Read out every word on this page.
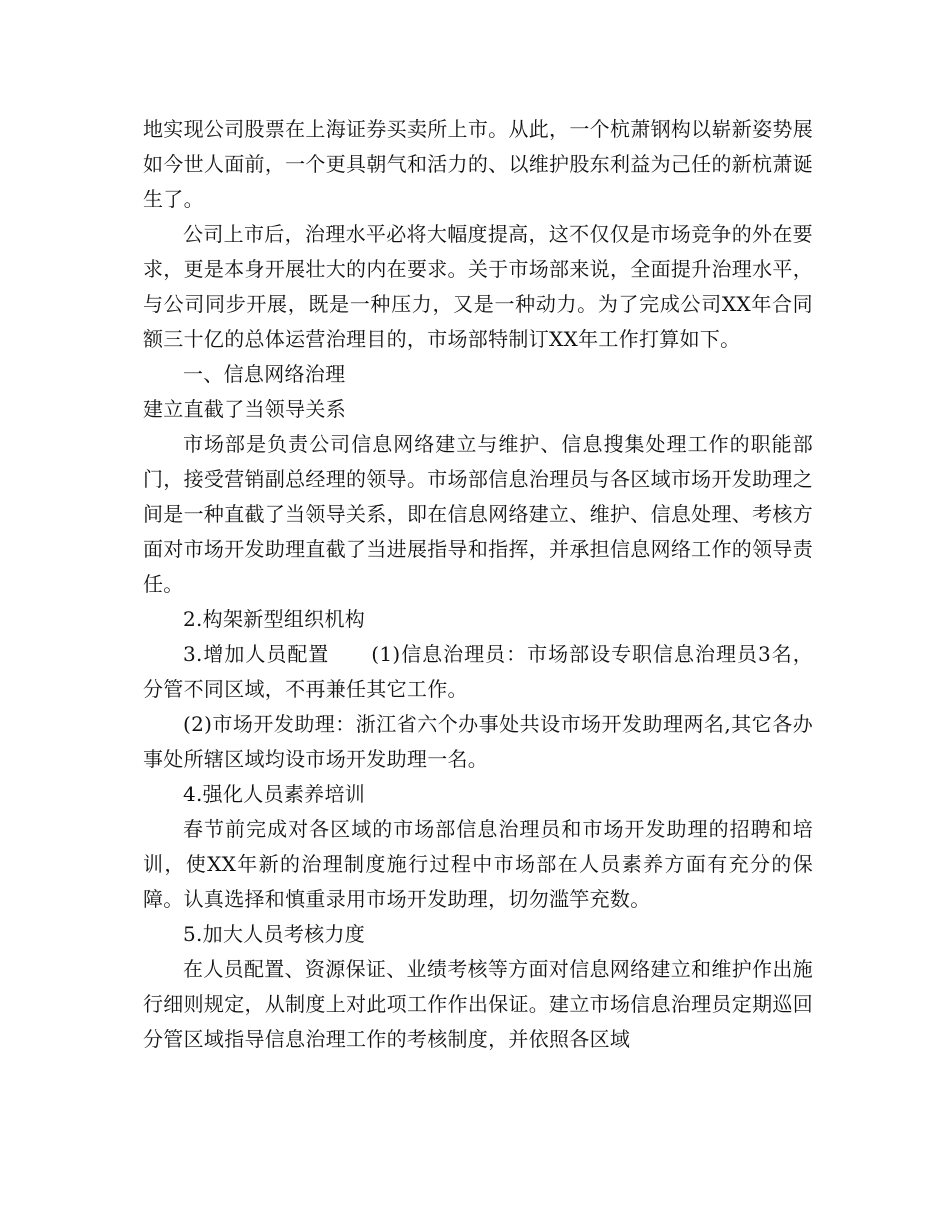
地实现公司股票在上海证券买卖所上市。从此，一个杭萧钢构以崭新姿势展如今世人面前，一个更具朝气和活力的、以维护股东利益为己任的新杭萧诞生了。

公司上市后，治理水平必将大幅度提高，这不仅仅是市场竞争的外在要求，更是本身开展壮大的内在要求。关于市场部来说，全面提升治理水平，与公司同步开展，既是一种压力，又是一种动力。为了完成公司XX年合同额三十亿的总体运营治理目的，市场部特制订XX年工作打算如下。

一、信息网络治理

建立直截了当领导关系

市场部是负责公司信息网络建立与维护、信息搜集处理工作的职能部门，接受营销副总经理的领导。市场部信息治理员与各区域市场开发助理之间是一种直截了当领导关系，即在信息网络建立、维护、信息处理、考核方面对市场开发助理直截了当进展指导和指挥，并承担信息网络工作的领导责任。

2.构架新型组织机构

3.增加人员配置　　(1)信息治理员：市场部设专职信息治理员3名，分管不同区域，不再兼任其它工作。

(2)市场开发助理：浙江省六个办事处共设市场开发助理两名,其它各办事处所辖区域均设市场开发助理一名。

4.强化人员素养培训

春节前完成对各区域的市场部信息治理员和市场开发助理的招聘和培训，使XX年新的治理制度施行过程中市场部在人员素养方面有充分的保障。认真选择和慎重录用市场开发助理，切勿滥竽充数。

5.加大人员考核力度

在人员配置、资源保证、业绩考核等方面对信息网络建立和维护作出施行细则规定，从制度上对此项工作作出保证。建立市场信息治理员定期巡回分管区域指导信息治理工作的考核制度，并依照各区域
